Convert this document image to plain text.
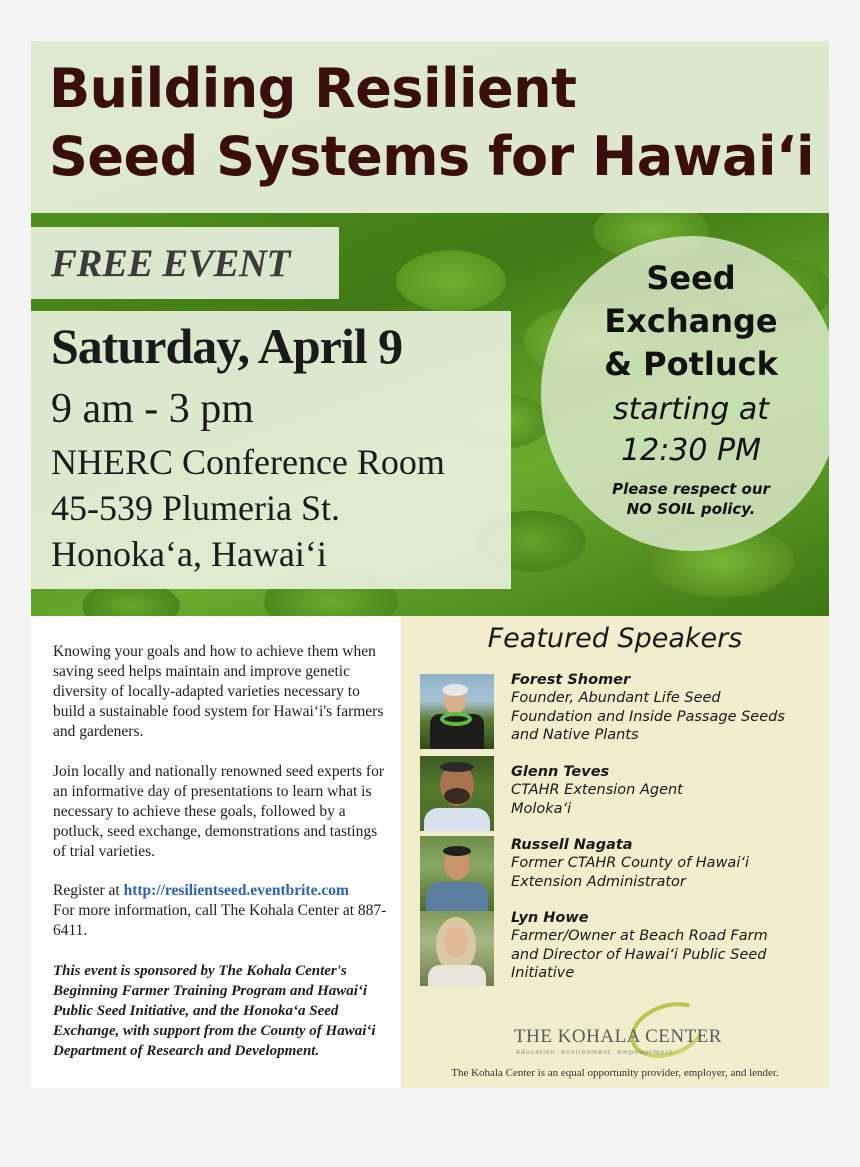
Building Resilient
Seed Systems for Hawai‘i
FREE EVENT
Saturday, April 9
9 am - 3 pm
NHERC Conference Room
45-539 Plumeria St.
Honoka‘a, Hawai‘i
Seed
Exchange
& Potluck
starting at
12:30 PM
Please respect our
NO SOIL policy.

Knowing your goals and how to achieve them when saving seed helps maintain and improve genetic diversity of locally-adapted varieties necessary to build a sustainable food system for Hawai‘i's farmers and gardeners.

Join locally and nationally renowned seed experts for an informative day of presentations to learn what is necessary to achieve these goals, followed by a potluck, seed exchange, demonstrations and tastings of trial varieties.

Register at http://resilientseed.eventbrite.com
For more information, call The Kohala Center at 887-6411.

This event is sponsored by The Kohala Center's Beginning Farmer Training Program and Hawai‘i Public Seed Initiative, and the Honoka‘a Seed Exchange, with support from the County of Hawai‘i Department of Research and Development.

Featured Speakers
Forest Shomer
Founder, Abundant Life Seed
Foundation and Inside Passage Seeds
and Native Plants
Glenn Teves
CTAHR Extension Agent
Moloka‘i
Russell Nagata
Former CTAHR County of Hawai‘i
Extension Administrator
Lyn Howe
Farmer/Owner at Beach Road Farm
and Director of Hawai‘i Public Seed
Initiative
THE KOHALA CENTER
education. environment. empowerment.
The Kohala Center is an equal opportunity provider, employer, and lender.
